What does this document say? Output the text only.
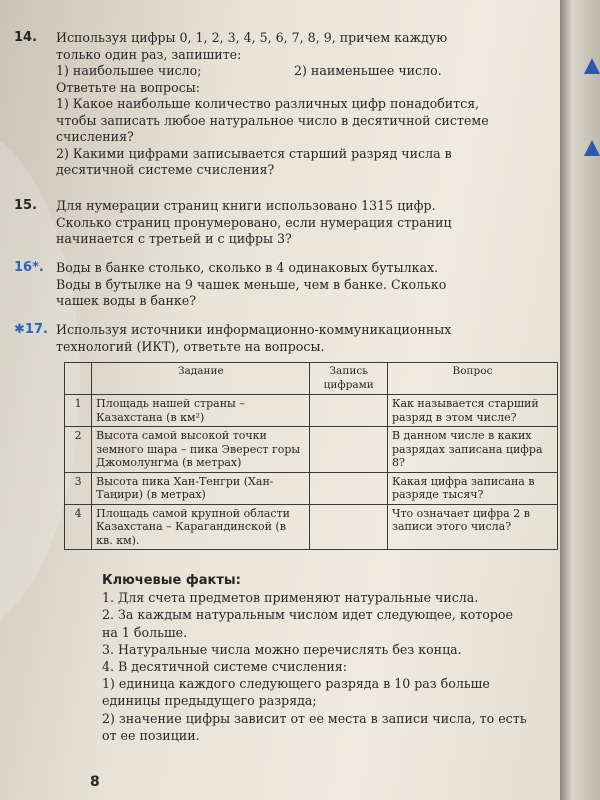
14. Используя цифры 0, 1, 2, 3, 4, 5, 6, 7, 8, 9, причем каждую
только один раз, запишите:
1) наибольшее число;	2) наименьшее число.
Ответьте на вопросы:
1) Какое наибольше количество различных цифр понадобится,
чтобы записать любое натуральное число в десятичной системе
счисления?
2) Какими цифрами записывается старший разряд числа в
десятичной системе счисления?
15. Для нумерации страниц книги использовано 1315 цифр.
Сколько страниц пронумеровано, если нумерация страниц
начинается с третьей и с цифры 3?
16*. Воды в банке столько, сколько в 4 одинаковых бутылках.
Воды в бутылке на 9 чашек меньше, чем в банке. Сколько
чашек воды в банке?
✱17. Используя источники информационно-коммуникационных
технологий (ИКТ), ответьте на вопросы.
	Задание	Запись цифрами	Вопрос
1	Площадь нашей страны – Казахстана (в км²)		Как называется старший разряд в этом числе?
2	Высота самой высокой точки земного шара – пика Эверест горы Джомолунгма (в метрах)		В данном числе в каких разрядах записана цифра 8?
3	Высота пика Хан-Тенгри (Хан-Таңири) (в метрах)		Какая цифра записана в разряде тысяч?
4	Площадь самой крупной области Казахстана – Карагандинской (в кв. км).		Что означает цифра 2 в записи этого числа?
Ключевые факты:
1. Для счета предметов применяют натуральные числа.
2. За каждым натуральным числом идет следующее, которое
на 1 больше.
3. Натуральные числа можно перечислять без конца.
4. В десятичной системе счисления:
1) единица каждого следующего разряда в 10 раз больше
единицы предыдущего разряда;
2) значение цифры зависит от ее места в записи числа, то есть
от ее позиции.
8
